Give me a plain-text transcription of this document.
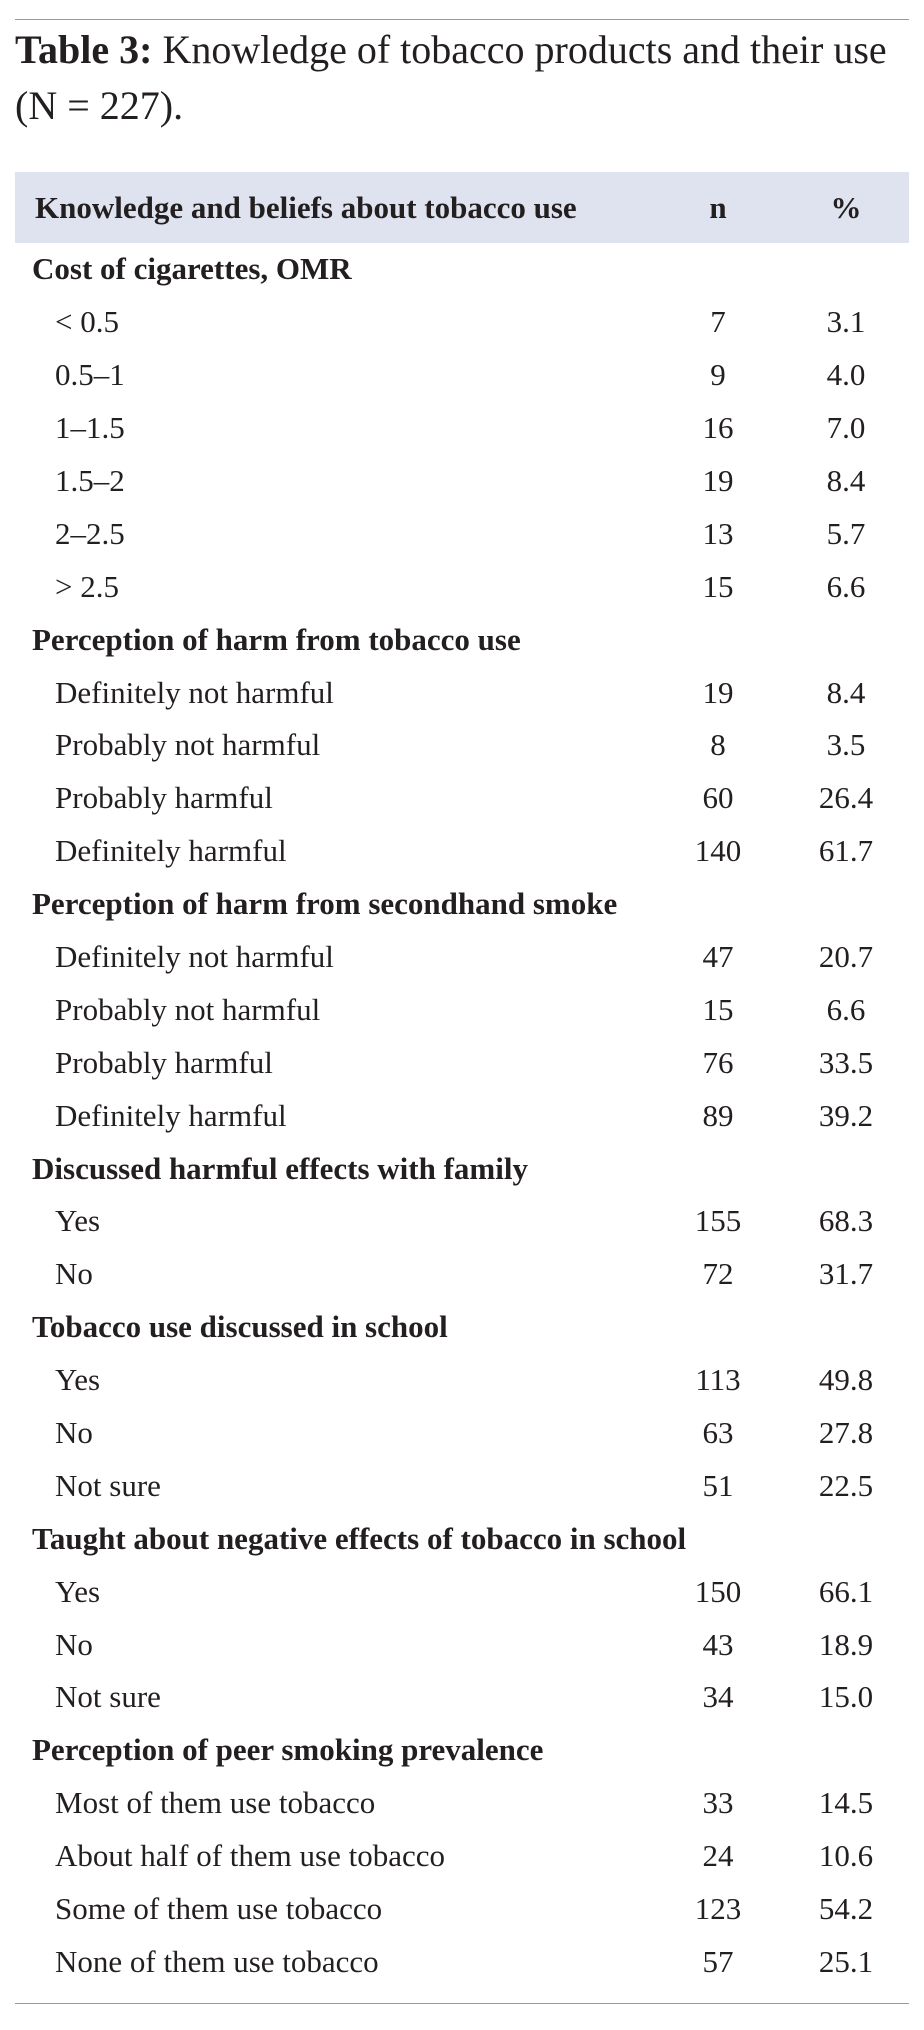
Table 3: Knowledge of tobacco products and their use (N = 227).
Knowledge and beliefs about tobacco use	n	%
Cost of cigarettes, OMR		
< 0.5	7	3.1
0.5–1	9	4.0
1–1.5	16	7.0
1.5–2	19	8.4
2–2.5	13	5.7
> 2.5	15	6.6
Perception of harm from tobacco use		
Definitely not harmful	19	8.4
Probably not harmful	8	3.5
Probably harmful	60	26.4
Definitely harmful	140	61.7
Perception of harm from secondhand smoke		
Definitely not harmful	47	20.7
Probably not harmful	15	6.6
Probably harmful	76	33.5
Definitely harmful	89	39.2
Discussed harmful effects with family		
Yes	155	68.3
No	72	31.7
Tobacco use discussed in school		
Yes	113	49.8
No	63	27.8
Not sure	51	22.5
Taught about negative effects of tobacco in school		
Yes	150	66.1
No	43	18.9
Not sure	34	15.0
Perception of peer smoking prevalence		
Most of them use tobacco	33	14.5
About half of them use tobacco	24	10.6
Some of them use tobacco	123	54.2
None of them use tobacco	57	25.1
